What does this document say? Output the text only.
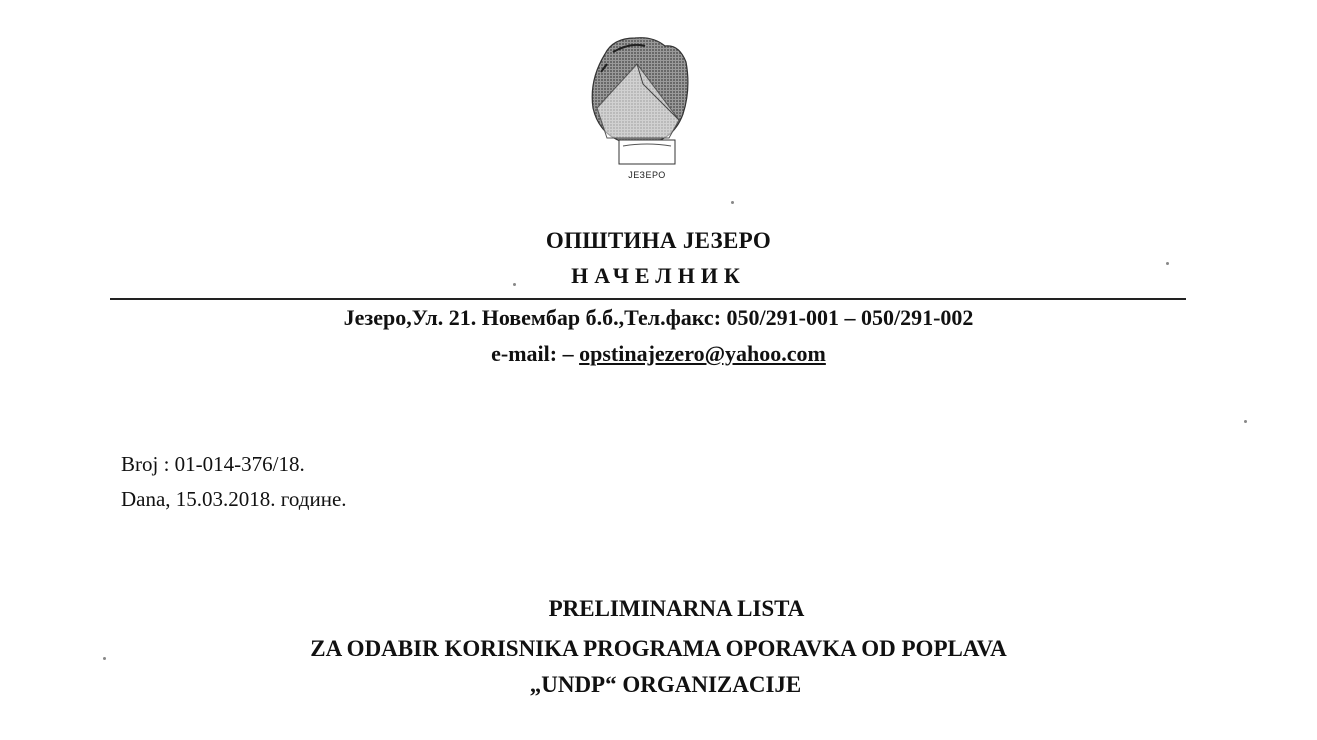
ЈЕЗЕРО
ОПШТИНА ЈЕЗЕРО
НАЧЕЛНИК
Језеро,Ул. 21. Новембар б.б.,Тел.факс: 050/291-001 – 050/291-002
e-mail: – opstinajezero@yahoo.com
Broj : 01-014-376/18.
Dana, 15.03.2018. године.
PRELIMINARNA LISTA
ZA ODABIR KORISNIKA PROGRAMA OPORAVKA OD POPLAVA
„UNDP“ ORGANIZACIJE
